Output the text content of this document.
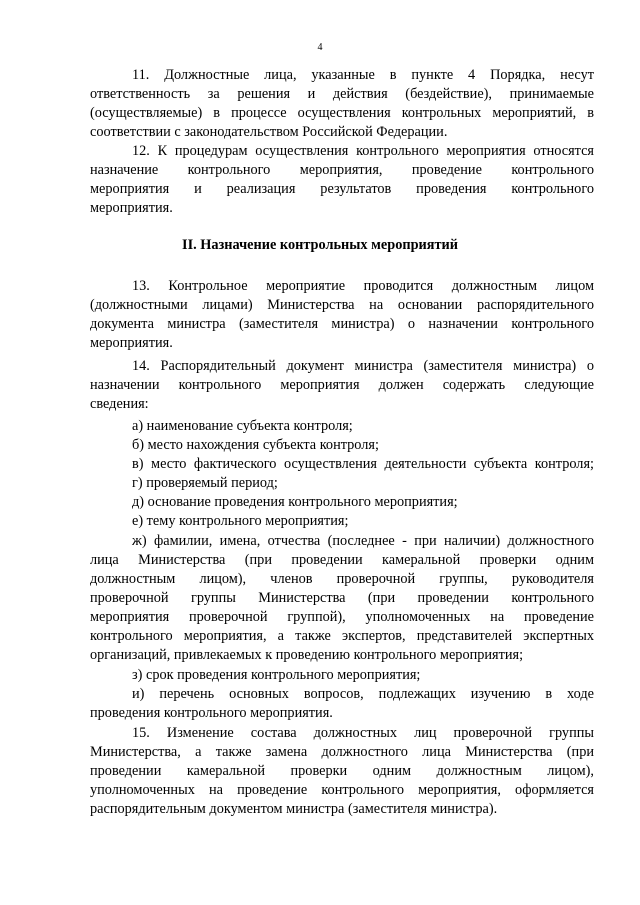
4
11. Должностные лица, указанные в пункте 4 Порядка, несут
ответственность за решения и действия (бездействие), принимаемые
(осуществляемые) в процессе осуществления контрольных мероприятий, в
соответствии с законодательством Российской Федерации.
12. К процедурам осуществления контрольного мероприятия относятся
назначение контрольного мероприятия, проведение контрольного
мероприятия и реализация результатов проведения контрольного
мероприятия.
II. Назначение контрольных мероприятий
13. Контрольное мероприятие проводится должностным лицом
(должностными лицами) Министерства на основании распорядительного
документа министра (заместителя министра) о назначении контрольного
мероприятия.
14. Распорядительный документ министра (заместителя министра) о
назначении контрольного мероприятия должен содержать следующие
сведения:
а) наименование субъекта контроля;
б) место нахождения субъекта контроля;
в) место фактического осуществления деятельности субъекта контроля;
г) проверяемый период;
д) основание проведения контрольного мероприятия;
е) тему контрольного мероприятия;
ж) фамилии, имена, отчества (последнее - при наличии) должностного
лица Министерства (при проведении камеральной проверки одним
должностным лицом), членов проверочной группы, руководителя
проверочной группы Министерства (при проведении контрольного
мероприятия проверочной группой), уполномоченных на проведение
контрольного мероприятия, а также экспертов, представителей экспертных
организаций, привлекаемых к проведению контрольного мероприятия;
з) срок проведения контрольного мероприятия;
и) перечень основных вопросов, подлежащих изучению в ходе
проведения контрольного мероприятия.
15. Изменение состава должностных лиц проверочной группы
Министерства, а также замена должностного лица Министерства (при
проведении камеральной проверки одним должностным лицом),
уполномоченных на проведение контрольного мероприятия, оформляется
распорядительным документом министра (заместителя министра).
